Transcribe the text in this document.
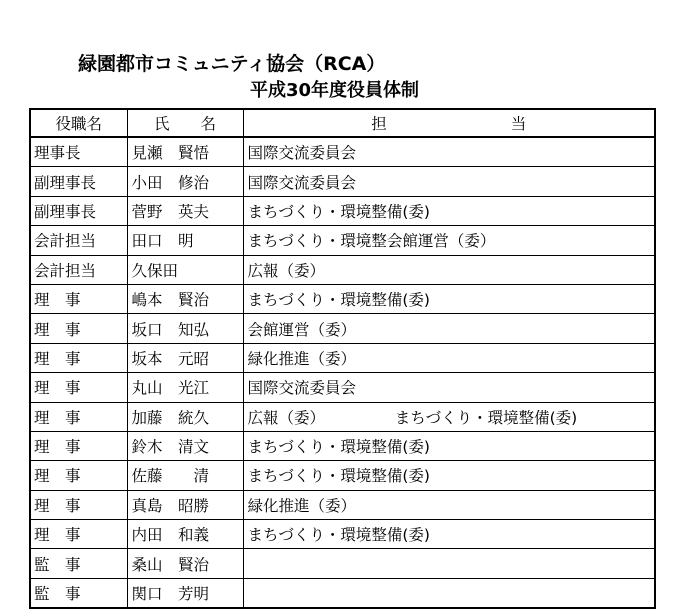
緑園都市コミュニティ協会（RCA）
平成30年度役員体制
役職名	氏　　名	担　　　　　　　　当
理事長	見瀬　賢悟	国際交流委員会
副理事長	小田　修治	国際交流委員会
副理事長	菅野　英夫	まちづくり・環境整備(委)
会計担当	田口　明	まちづくり・環境整会館運営（委）
会計担当	久保田	広報（委）
理　事	嶋本　賢治	まちづくり・環境整備(委)
理　事	坂口　知弘	会館運営（委）
理　事	坂本　元昭	緑化推進（委）
理　事	丸山　光江	国際交流委員会
理　事	加藤　統久	広報（委）　　　　　まちづくり・環境整備(委)
理　事	鈴木　清文	まちづくり・環境整備(委)
理　事	佐藤　　清	まちづくり・環境整備(委)
理　事	真島　昭勝	緑化推進（委）
理　事	内田　和義	まちづくり・環境整備(委)
監　事	桑山　賢治	
監　事	関口　芳明	
